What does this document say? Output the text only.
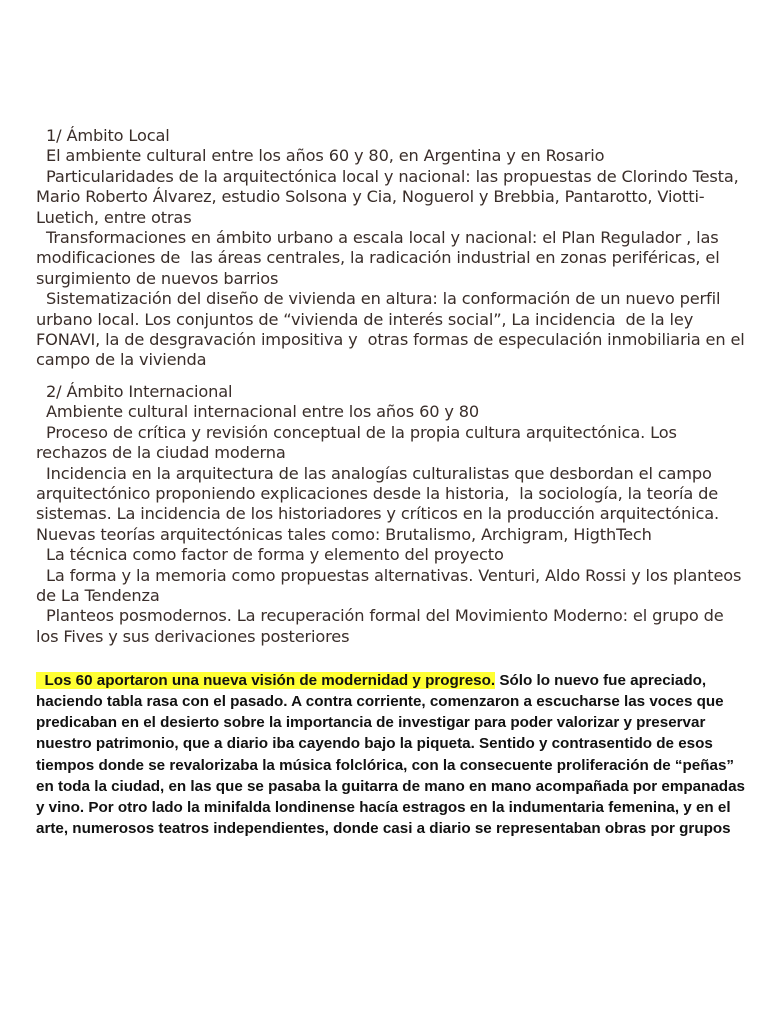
1/ Ámbito Local

El ambiente cultural entre los años 60 y 80, en Argentina y en Rosario

Particularidades de la arquitectónica local y nacional: las propuestas de Clorindo Testa, Mario Roberto Álvarez, estudio Solsona y Cia, Noguerol y Brebbia, Pantarotto, Viotti-Luetich, entre otras

Transformaciones en ámbito urbano a escala local y nacional: el Plan Regulador , las modificaciones de  las áreas centrales, la radicación industrial en zonas periféricas, el surgimiento de nuevos barrios

Sistematización del diseño de vivienda en altura: la conformación de un nuevo perfil urbano local. Los conjuntos de “vivienda de interés social”, La incidencia  de la ley FONAVI, la de desgravación impositiva y  otras formas de especulación inmobiliaria en el campo de la vivienda

2/ Ámbito Internacional

Ambiente cultural internacional entre los años 60 y 80

Proceso de crítica y revisión conceptual de la propia cultura arquitectónica. Los rechazos de la ciudad moderna

Incidencia en la arquitectura de las analogías culturalistas que desbordan el campo arquitectónico proponiendo explicaciones desde la historia,  la sociología, la teoría de sistemas. La incidencia de los historiadores y críticos en la producción arquitectónica. Nuevas teorías arquitectónicas tales como: Brutalismo, Archigram, HigthTech

La técnica como factor de forma y elemento del proyecto

La forma y la memoria como propuestas alternativas. Venturi, Aldo Rossi y los planteos de La Tendenza

Planteos posmodernos. La recuperación formal del Movimiento Moderno: el grupo de los Fives y sus derivaciones posteriores

Los 60 aportaron una nueva visión de modernidad y progreso. Sólo lo nuevo fue apreciado, haciendo tabla rasa con el pasado. A contra corriente, comenzaron a escucharse las voces que predicaban en el desierto sobre la importancia de investigar para poder valorizar y preservar nuestro patrimonio, que a diario iba cayendo bajo la piqueta. Sentido y contrasentido de esos tiempos donde se revalorizaba la música folclórica, con la consecuente proliferación de “peñas” en toda la ciudad, en las que se pasaba la guitarra de mano en mano acompañada por empanadas y vino. Por otro lado la minifalda londinense hacía estragos en la indumentaria femenina, y en el arte, numerosos teatros independientes, donde casi a diario se representaban obras por grupos
